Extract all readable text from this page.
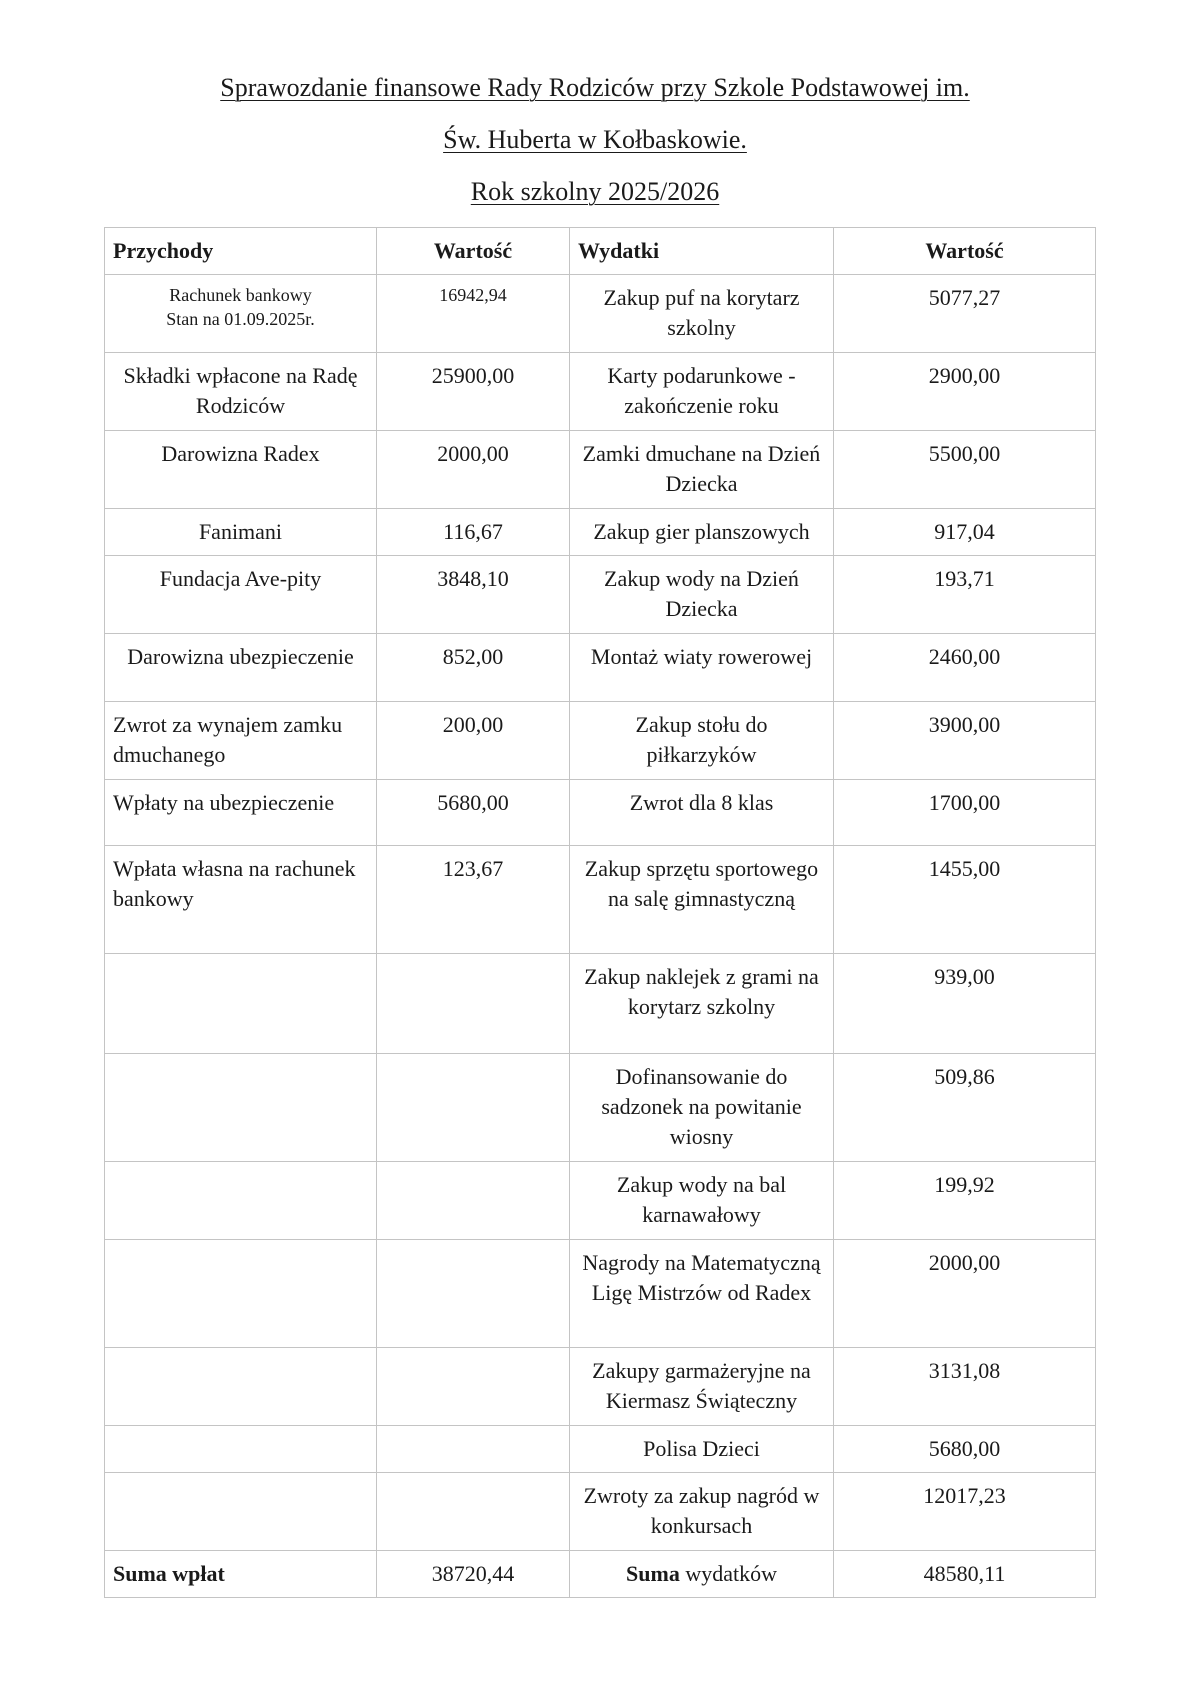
Sprawozdanie finansowe Rady Rodziców przy Szkole Podstawowej im.
Św. Huberta w Kołbaskowie.
Rok szkolny 2025/2026
Przychody	Wartość	Wydatki	Wartość

Rachunek bankowy
Stan na 01.09.2025r.	16942,94	Zakup puf na korytarz szkolny	5077,27
Składki wpłacone na Radę Rodziców	25900,00	Karty podarunkowe -zakończenie roku	2900,00
Darowizna Radex	2000,00	Zamki dmuchane na Dzień Dziecka	5500,00
Fanimani	116,67	Zakup gier planszowych	917,04
Fundacja Ave-pity	3848,10	Zakup wody na Dzień Dziecka	193,71
Darowizna ubezpieczenie	852,00	Montaż wiaty rowerowej	2460,00
Zwrot za wynajem zamku dmuchanego	200,00	Zakup stołu do piłkarzyków	3900,00
Wpłaty na ubezpieczenie	5680,00	Zwrot dla 8 klas	1700,00
Wpłata własna na rachunek bankowy	123,67	Zakup sprzętu sportowego na salę gimnastyczną	1455,00
		Zakup naklejek z grami na korytarz szkolny	939,00
		Dofinansowanie do sadzonek na powitanie wiosny	509,86
		Zakup wody na bal karnawałowy	199,92
		Nagrody na Matematyczną Ligę Mistrzów od Radex	2000,00
		Zakupy garmażeryjne na Kiermasz Świąteczny	3131,08
		Polisa Dzieci	5680,00
		Zwroty za zakup nagród w konkursach	12017,23
Suma wpłat	38720,44	Suma wydatków	48580,11
